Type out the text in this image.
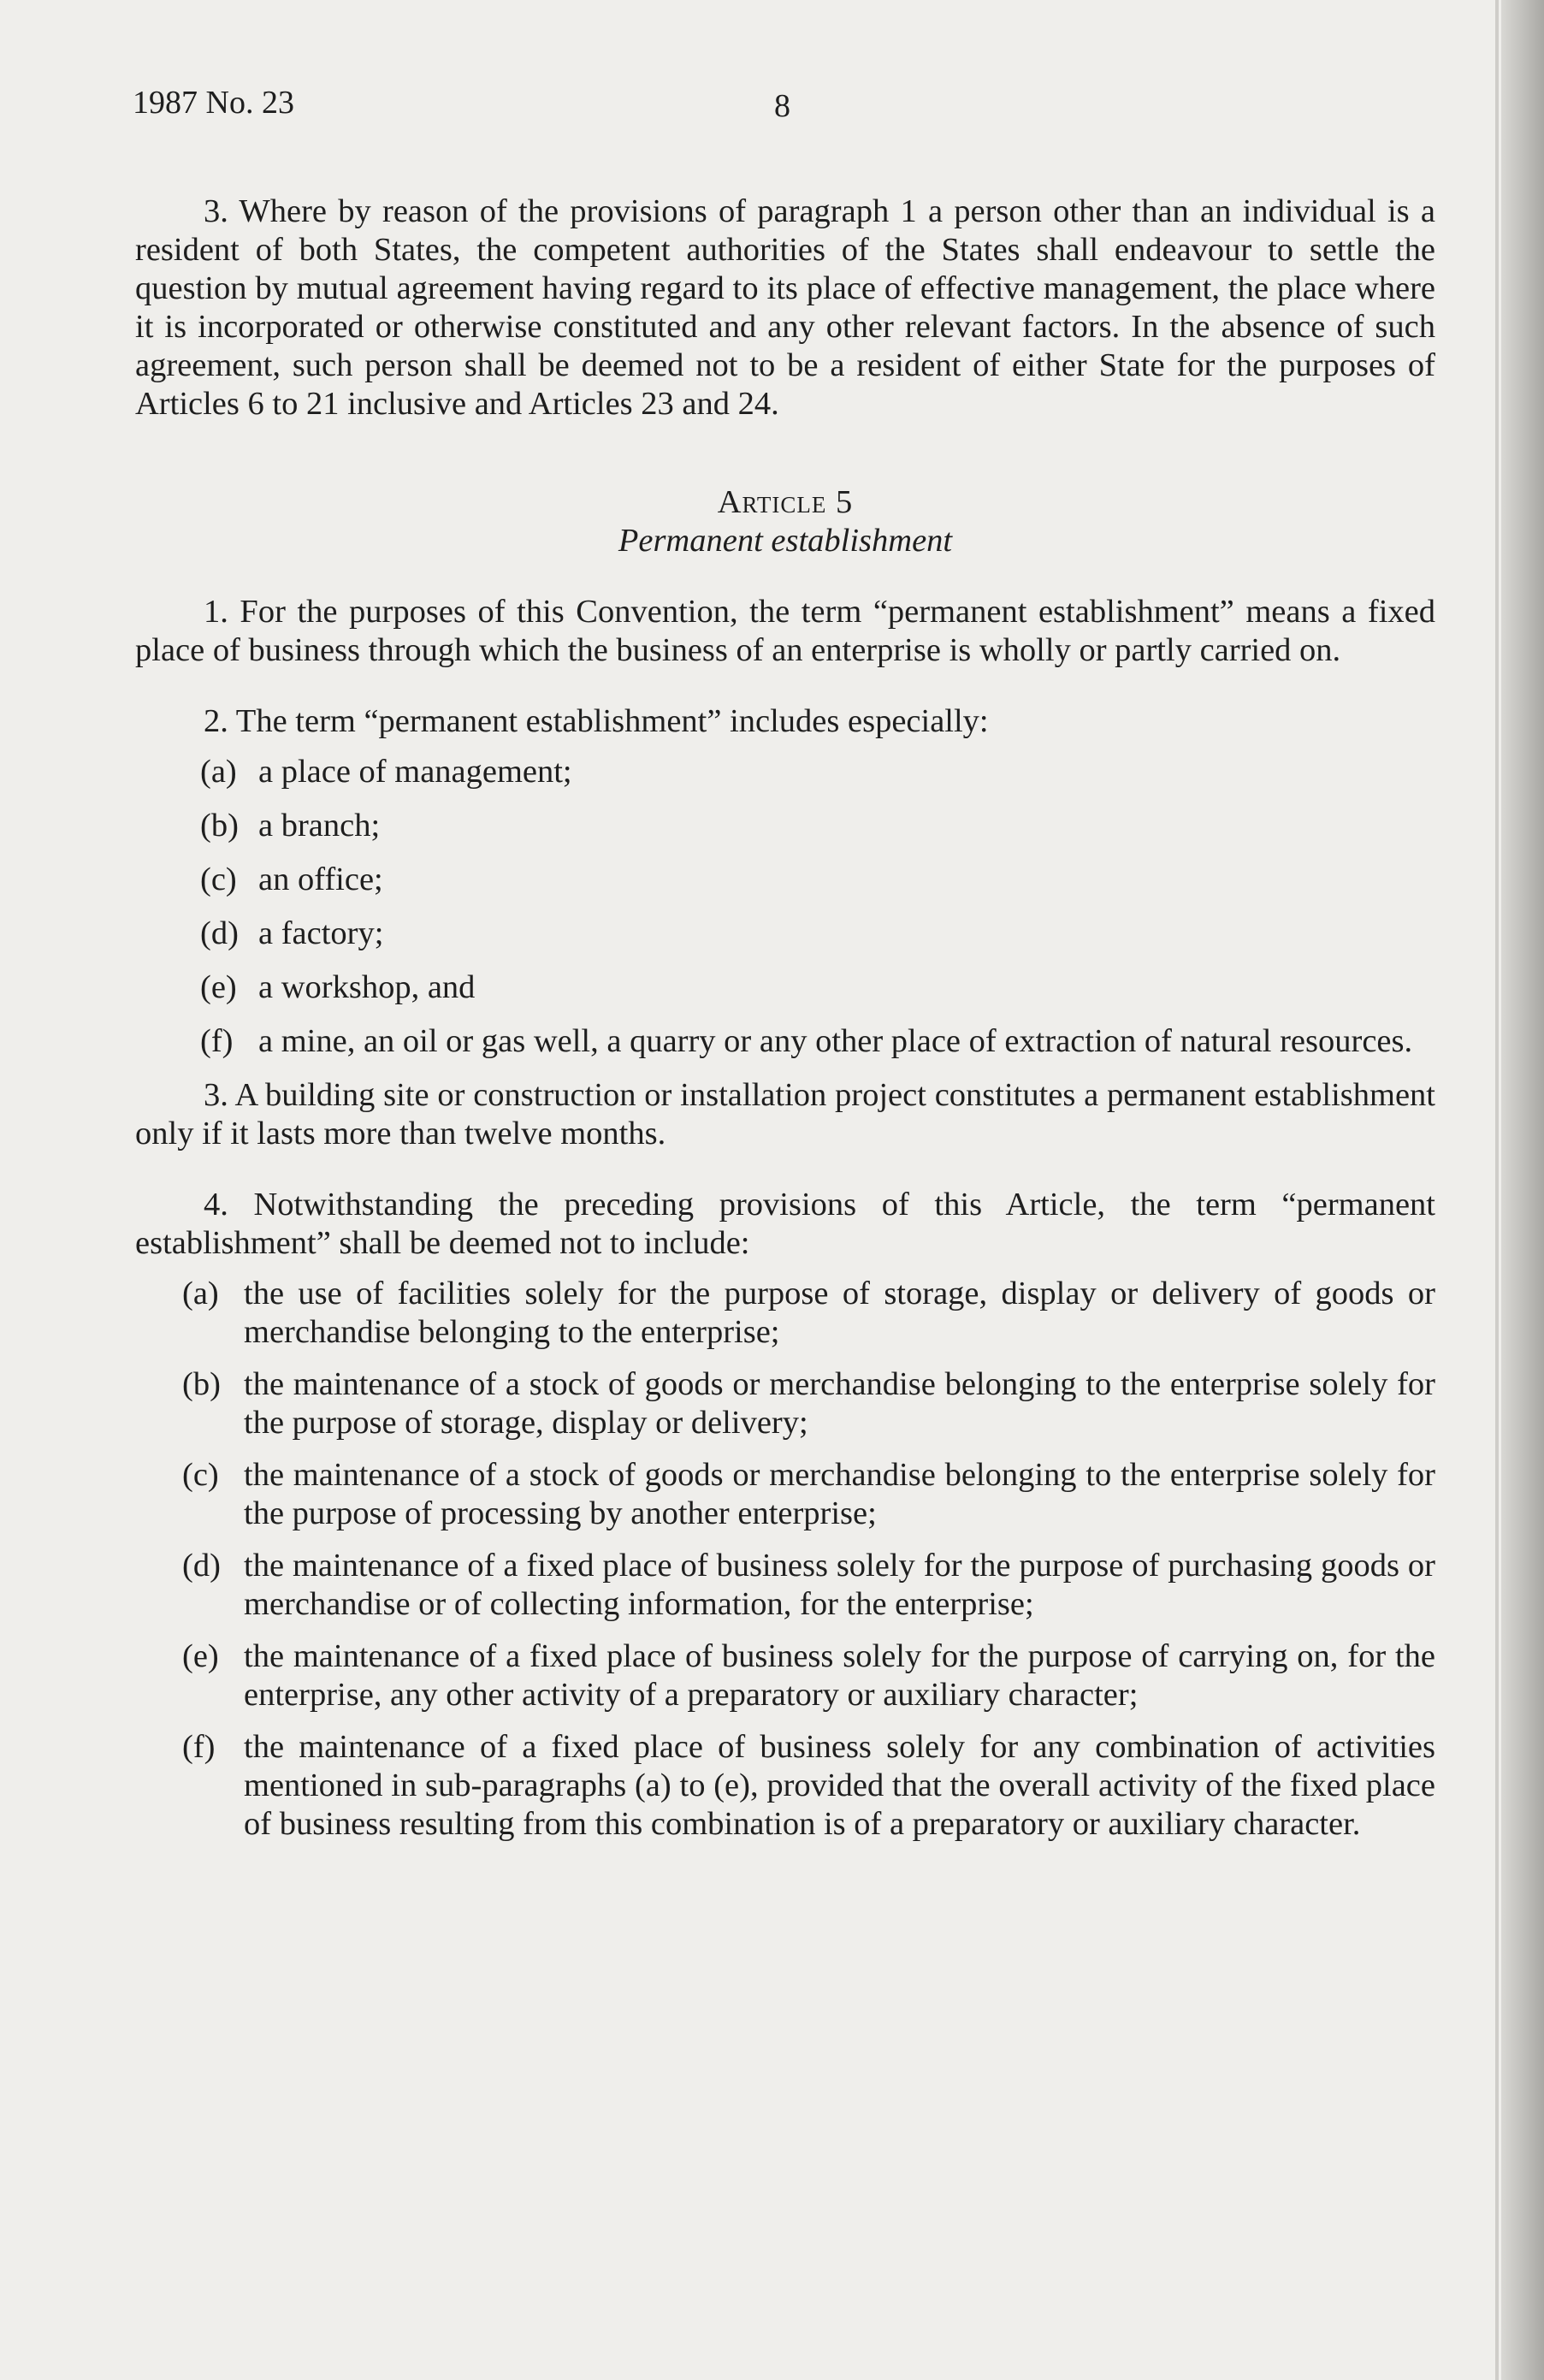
1987 No. 23	8

3. Where by reason of the provisions of paragraph 1 a person other than an individual is a resident of both States, the competent authorities of the States shall endeavour to settle the question by mutual agreement having regard to its place of effective management, the place where it is incorporated or otherwise constituted and any other relevant factors. In the absence of such agreement, such person shall be deemed not to be a resident of either State for the purposes of Articles 6 to 21 inclusive and Articles 23 and 24.

Article 5
Permanent establishment

1. For the purposes of this Convention, the term “permanent establishment” means a fixed place of business through which the business of an enterprise is wholly or partly carried on.

2. The term “permanent establishment” includes especially:

(a) a place of management;
(b) a branch;
(c) an office;
(d) a factory;
(e) a workshop, and
(f) a mine, an oil or gas well, a quarry or any other place of extraction of natural resources.

3. A building site or construction or installation project constitutes a permanent establishment only if it lasts more than twelve months.

4. Notwithstanding the preceding provisions of this Article, the term “permanent establishment” shall be deemed not to include:

(a) the use of facilities solely for the purpose of storage, display or delivery of goods or merchandise belonging to the enterprise;
(b) the maintenance of a stock of goods or merchandise belonging to the enterprise solely for the purpose of storage, display or delivery;
(c) the maintenance of a stock of goods or merchandise belonging to the enterprise solely for the purpose of processing by another enterprise;
(d) the maintenance of a fixed place of business solely for the purpose of purchasing goods or merchandise or of collecting information, for the enterprise;
(e) the maintenance of a fixed place of business solely for the purpose of carrying on, for the enterprise, any other activity of a preparatory or auxiliary character;
(f) the maintenance of a fixed place of business solely for any combination of activities mentioned in sub-paragraphs (a) to (e), provided that the overall activity of the fixed place of business resulting from this combination is of a preparatory or auxiliary character.
